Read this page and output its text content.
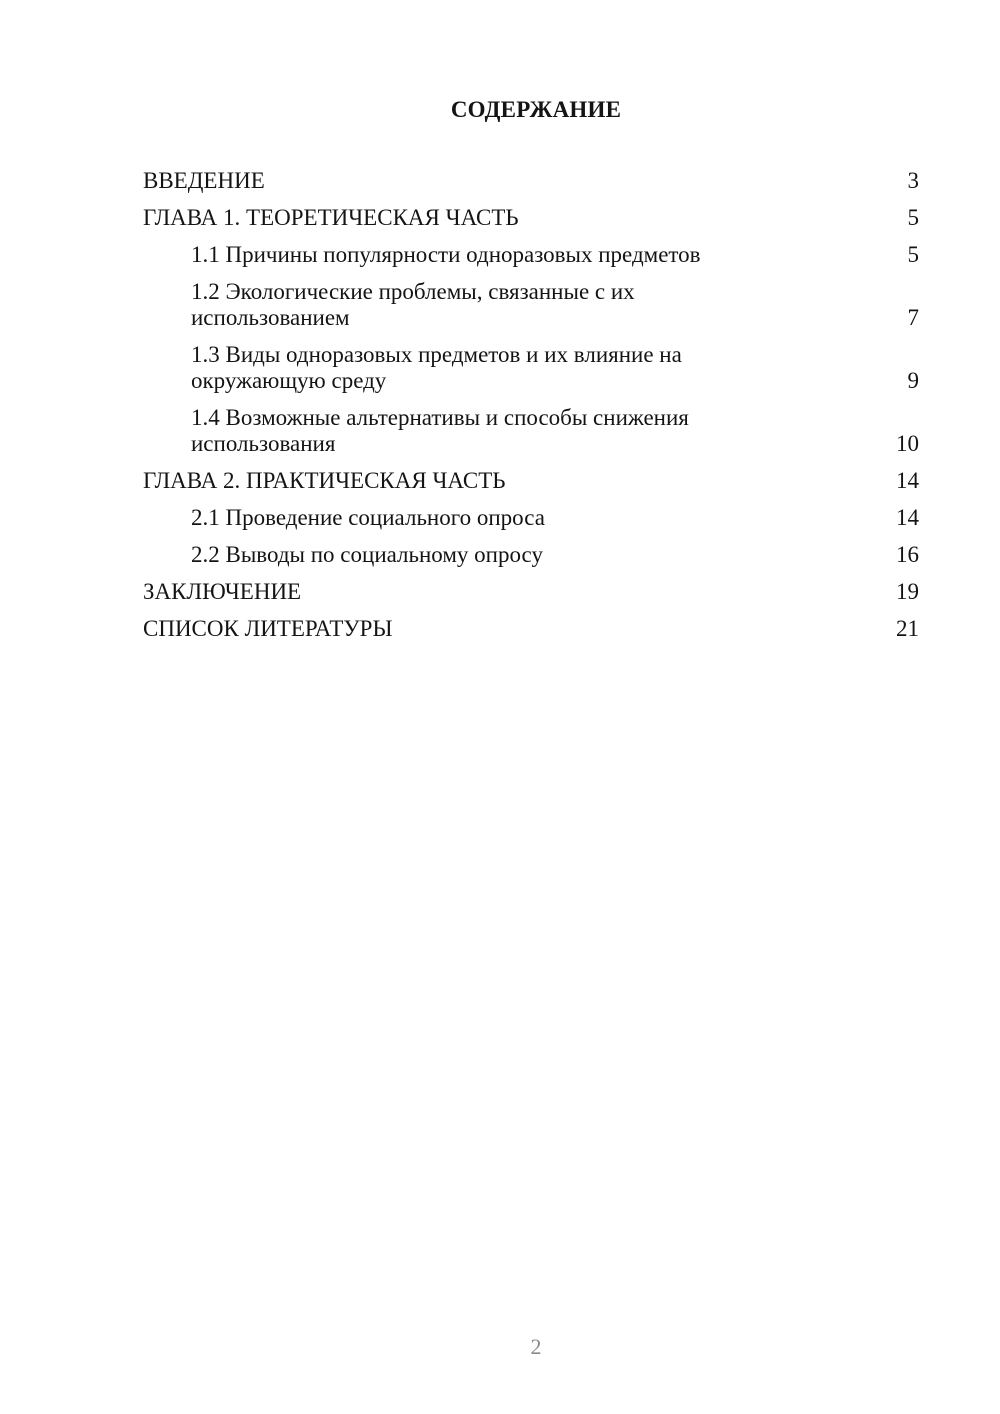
СОДЕРЖАНИЕ
ВВЕДЕНИЕ	3
ГЛАВА 1. ТЕОРЕТИЧЕСКАЯ ЧАСТЬ	5
1.1 Причины популярности одноразовых предметов	5
1.2 Экологические проблемы, связанные с их использованием	7
1.3 Виды одноразовых предметов и их влияние на окружающую среду	9
1.4 Возможные альтернативы и способы снижения использования	10
ГЛАВА 2. ПРАКТИЧЕСКАЯ ЧАСТЬ	14
2.1 Проведение социального опроса	14
2.2 Выводы по социальному опросу	16
ЗАКЛЮЧЕНИЕ	19
СПИСОК ЛИТЕРАТУРЫ	21
2
